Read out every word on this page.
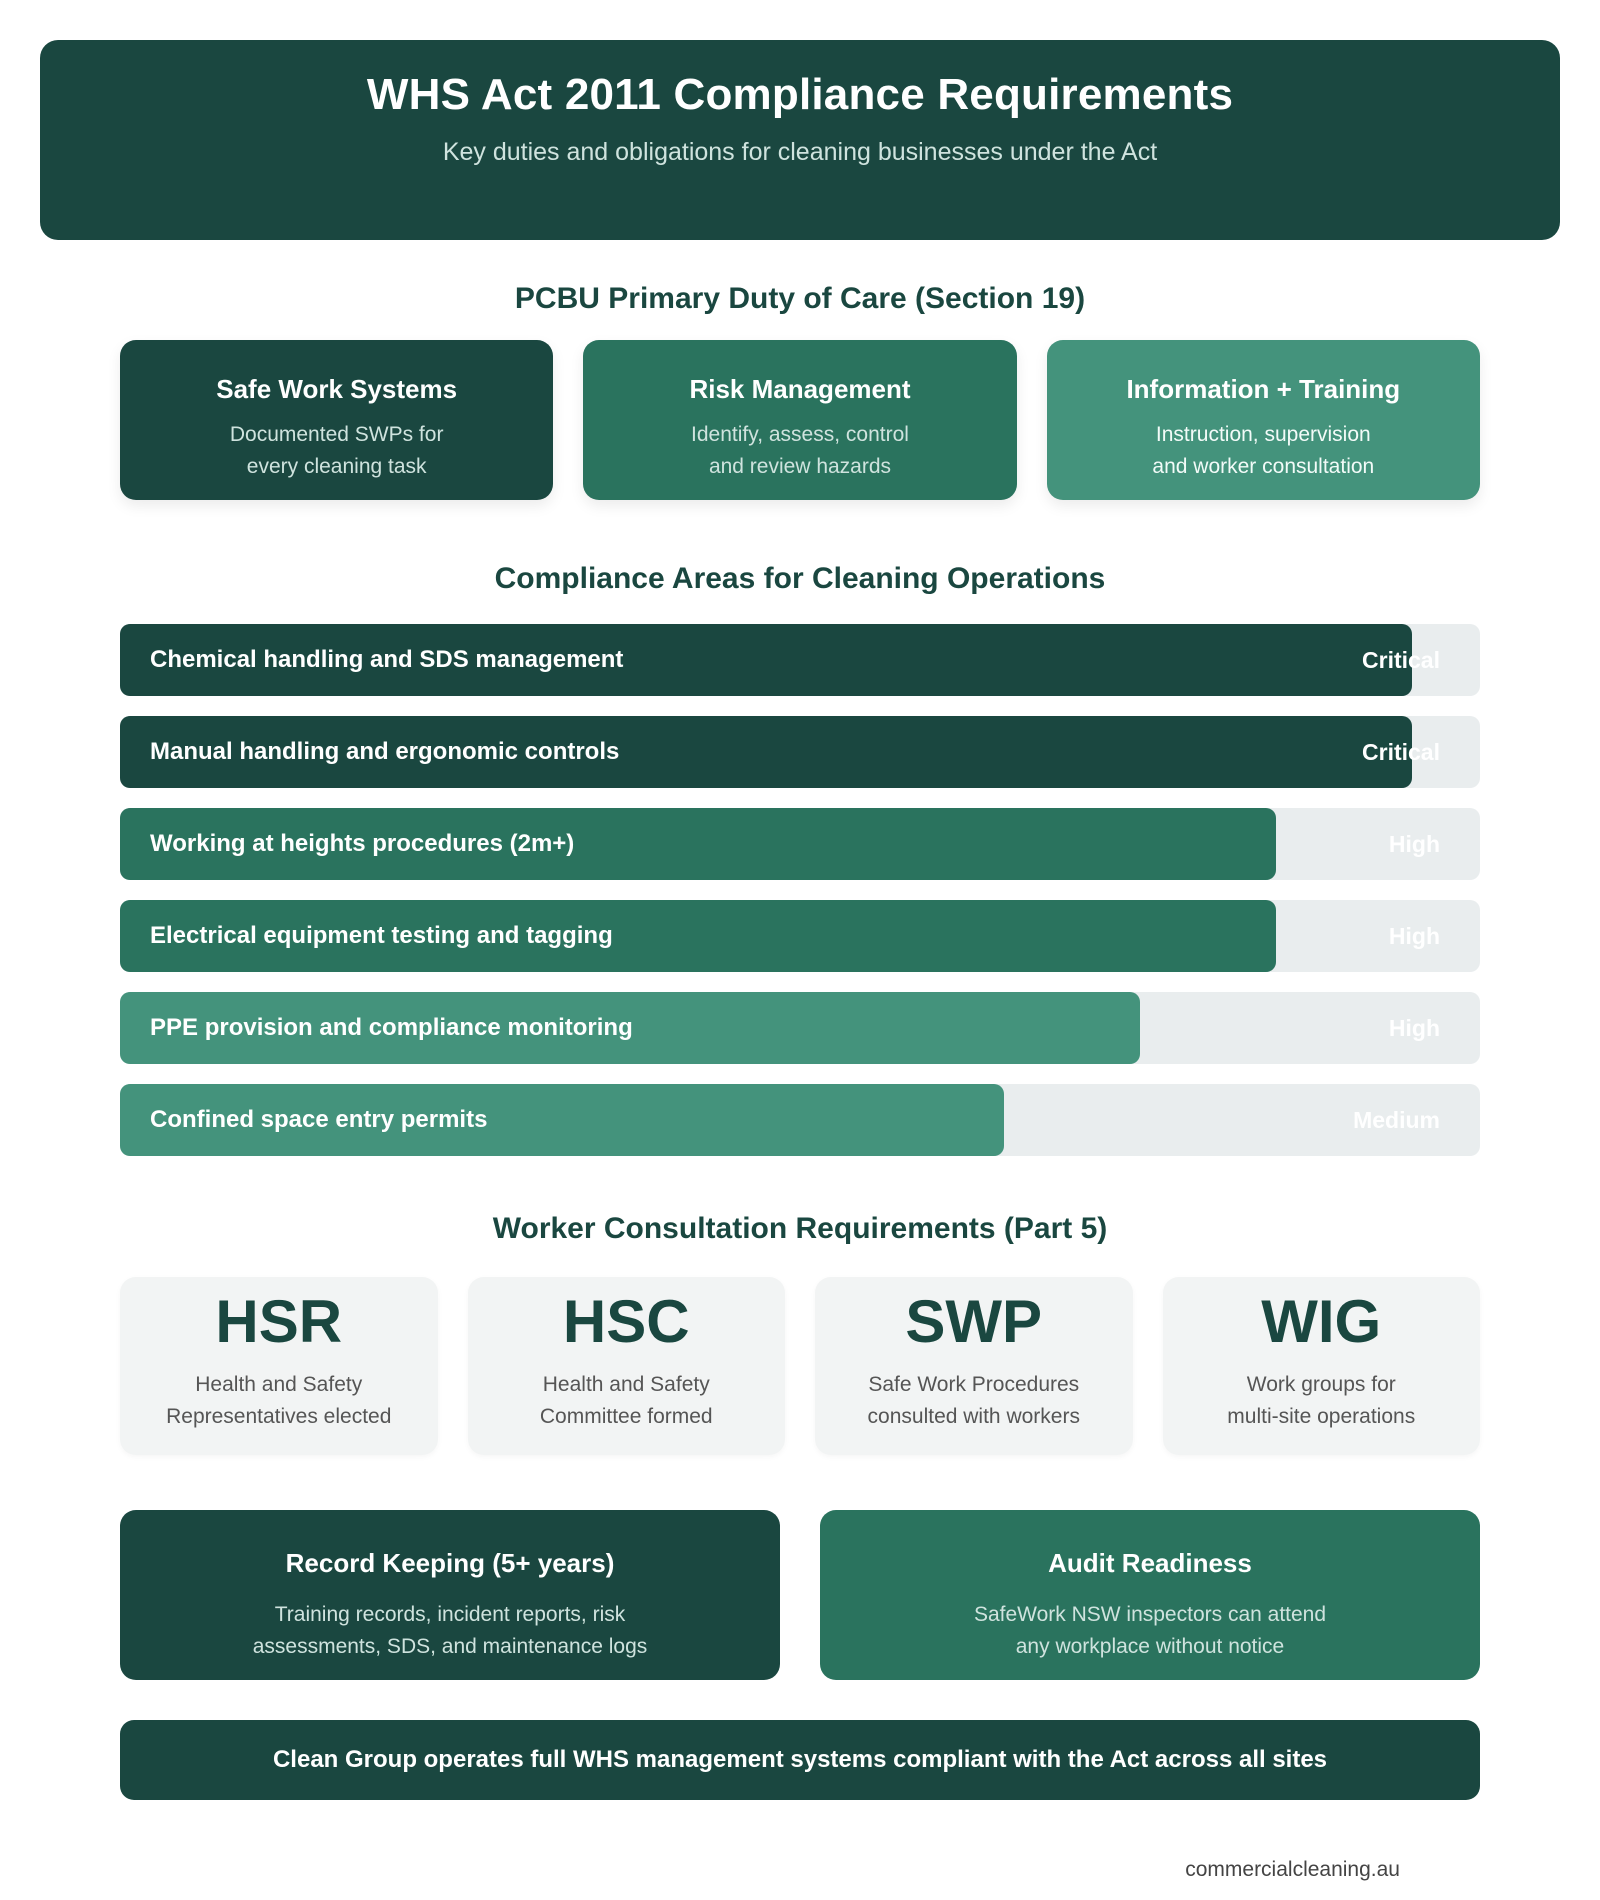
WHS Act 2011 Compliance Requirements

Key duties and obligations for cleaning businesses under the Act

PCBU Primary Duty of Care (Section 19)
Safe Work Systems

Documented SWPs for
every cleaning task

Risk Management

Identify, assess, control
and review hazards

Information + Training

Instruction, supervision
and worker consultation

Compliance Areas for Cleaning Operations
Chemical handling and SDS management	Critical
Manual handling and ergonomic controls	Critical
Working at heights procedures (2m+)	High
Electrical equipment testing and tagging	High
PPE provision and compliance monitoring	High
Confined space entry permits	Medium
Worker Consultation Requirements (Part 5)
HSR

Health and Safety
Representatives elected

HSC

Health and Safety
Committee formed

SWP

Safe Work Procedures
consulted with workers

WIG

Work groups for
multi-site operations

Record Keeping (5+ years)

Training records, incident reports, risk
assessments, SDS, and maintenance logs

Audit Readiness

SafeWork NSW inspectors can attend
any workplace without notice

Clean Group operates full WHS management systems compliant with the Act across all sites
commercialcleaning.au
